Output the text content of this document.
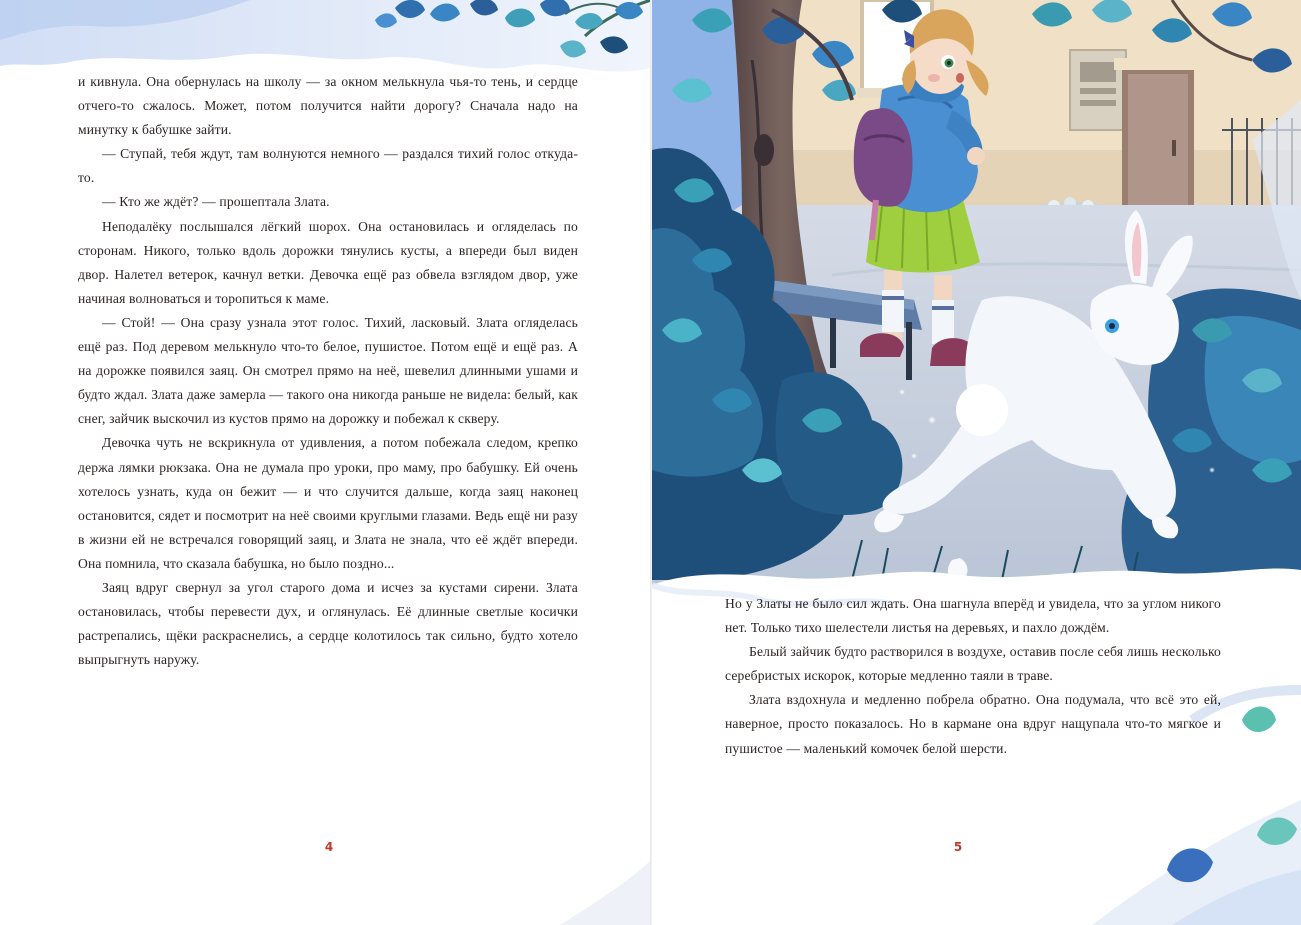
и кивнула. Она обернулась на школу — за окном мелькнула чья-то тень, и сердце отчего-то сжалось. Может, потом получится найти дорогу? Сначала надо на минутку к бабушке зайти.

— Ступай, тебя ждут, там волнуются немного — раздался тихий голос откуда-то.

— Кто же ждёт? — прошептала Злата.

Неподалёку послышался лёгкий шорох. Она остановилась и огляделась по сторонам. Никого, только вдоль дорожки тянулись кусты, а впереди был виден двор. Налетел ветерок, качнул ветки. Девочка ещё раз обвела взглядом двор, уже начиная волноваться и торопиться к маме.

— Стой! — Она сразу узнала этот голос. Тихий, ласковый. Злата огляделась ещё раз. Под деревом мелькнуло что-то белое, пушистое. Потом ещё и ещё раз. А на дорожке появился заяц. Он смотрел прямо на неё, шевелил длинными ушами и будто ждал. Злата даже замерла — такого она никогда раньше не видела: белый, как снег, зайчик выскочил из кустов прямо на дорожку и побежал к скверу.

Девочка чуть не вскрикнула от удивления, а потом побежала следом, крепко держа лямки рюкзака. Она не думала про уроки, про маму, про бабушку. Ей очень хотелось узнать, куда он бежит — и что случится дальше, когда заяц наконец остановится, сядет и посмотрит на неё своими круглыми глазами. Ведь ещё ни разу в жизни ей не встречался говорящий заяц, и Злата не знала, что её ждёт впереди. Она помнила, что сказала бабушка, но было поздно...

Заяц вдруг свернул за угол старого дома и исчез за кустами сирени. Злата остановилась, чтобы перевести дух, и оглянулась. Её длинные светлые косички растрепались, щёки раскраснелись, а сердце колотилось так сильно, будто хотело выпрыгнуть наружу.

4

Но у Златы не было сил ждать. Она шагнула вперёд и увидела, что за углом никого нет. Только тихо шелестели листья на деревьях, и пахло дождём.

Белый зайчик будто растворился в воздухе, оставив после себя лишь несколько серебристых искорок, которые медленно таяли в траве.

Злата вздохнула и медленно побрела обратно. Она подумала, что всё это ей, наверное, просто показалось. Но в кармане она вдруг нащупала что-то мягкое и пушистое — маленький комочек белой шерсти.

5
